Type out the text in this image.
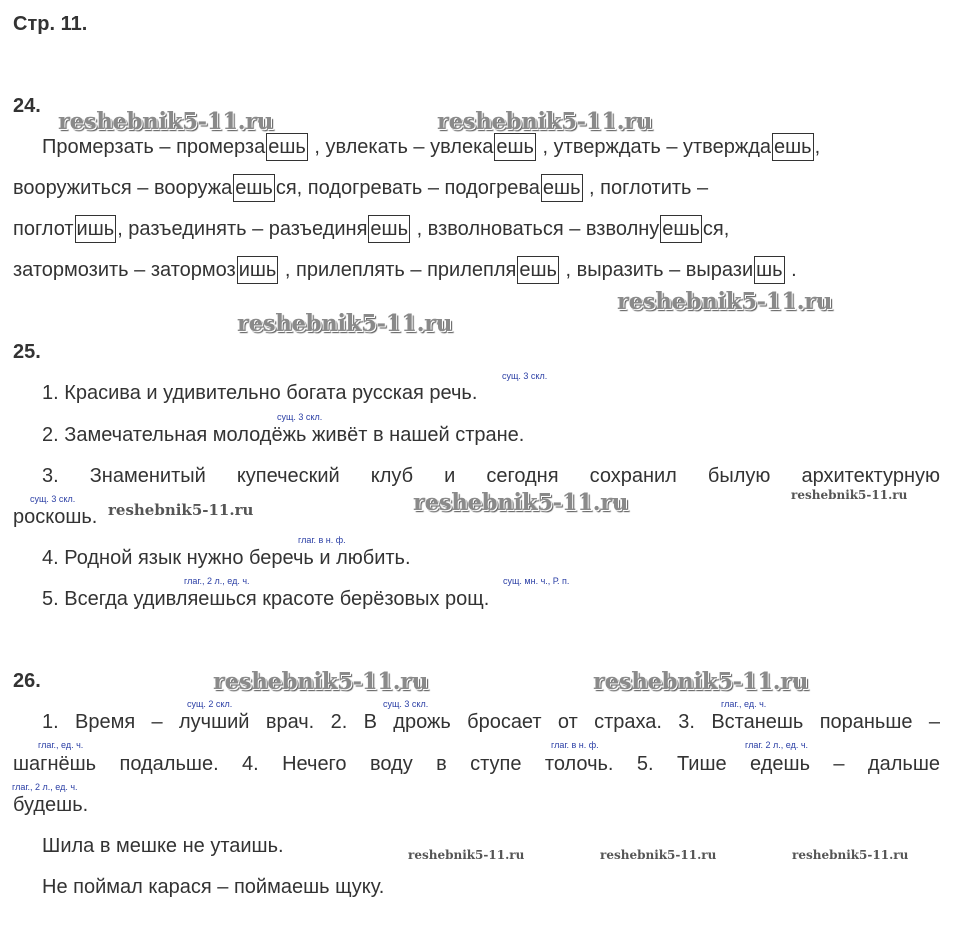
Стр. 11.
24.
Промерзать – промерза ешь , увлекать – увлека ешь , утверждать – утвержда ешь ,
вооружиться – вооружа ешь ся, подогревать – подогрева ешь , поглотить –
поглот ишь , разъединять – разъединя ешь , взволноваться – взволну ешь ся,
затормозить – затормоз ишь , прилеплять – прилепля ешь , выразить – вырази шь .
25.
сущ. 3 скл.
1. Красива и удивительно богата русская речь.
сущ. 3 скл.
2. Замечательная молодёжь живёт в нашей стране.
3. Знаменитый купеческий клуб и сегодня сохранил былую архитектурную
сущ. 3 скл.
роскошь.
глаг. в н. ф.
4. Родной язык нужно беречь и любить.
глаг., 2 л., ед. ч.	сущ. мн. ч., Р. п.
5. Всегда удивляешься красоте берёзовых рощ.
26.
сущ. 2 скл.	сущ. 3 скл.	глаг., ед. ч.
1. Время – лучший врач. 2. В дрожь бросает от страха. 3. Встанешь пораньше –
глаг., ед. ч.	глаг. в н. ф.	глаг. 2 л., ед. ч.
шагнёшь подальше. 4. Нечего воду в ступе толочь. 5. Тише едешь – дальше
глаг., 2 л., ед. ч.
будешь.
Шила в мешке не утаишь.
Не поймал карася – поймаешь щуку.
reshebnik5-11.ru	reshebnik5-11.ru
reshebnik5-11.ru
reshebnik5-11.ru
reshebnik5-11.ru
reshebnik5-11.ru	reshebnik5-11.ru
reshebnik5-11.ru
reshebnik5-11.ru
reshebnik5-11.ru	reshebnik5-11.ru	reshebnik5-11.ru
